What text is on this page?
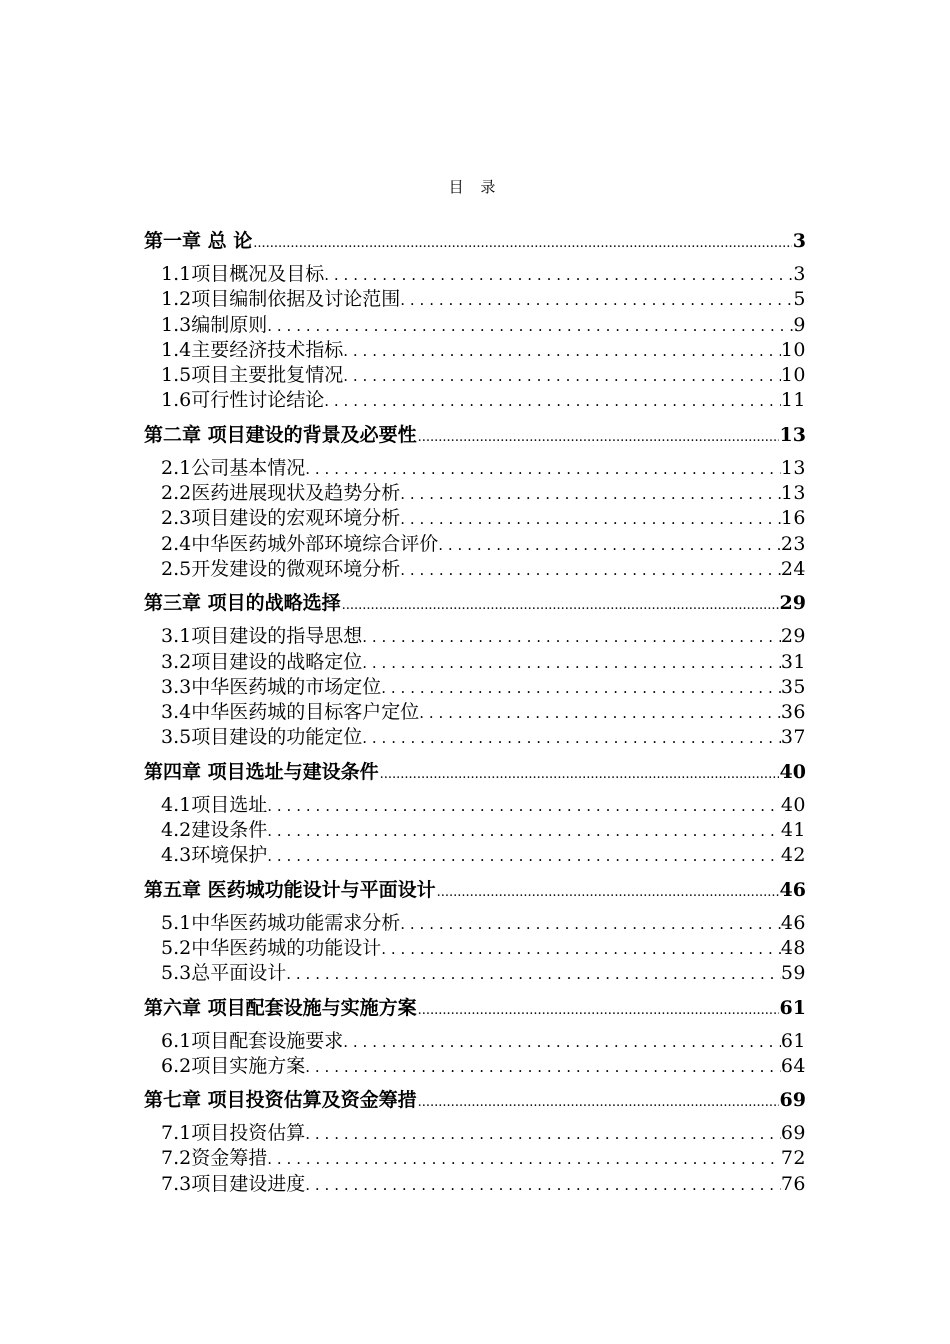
目 录
第一章 总 论 .....	3
1.1项目概况及目标 .....	3
1.2项目编制依据及讨论范围 .....	5
1.3编制原则 .....	9
1.4主要经济技术指标 .....	10
1.5项目主要批复情况 .....	10
1.6可行性讨论结论 .....	11
第二章 项目建设的背景及必要性 .....	13
2.1公司基本情况 .....	13
2.2医药进展现状及趋势分析 .....	13
2.3项目建设的宏观环境分析 .....	16
2.4中华医药城外部环境综合评价 .....	23
2.5开发建设的微观环境分析 .....	24
第三章 项目的战略选择 .....	29
3.1项目建设的指导思想 .....	29
3.2项目建设的战略定位 .....	31
3.3中华医药城的市场定位 .....	35
3.4中华医药城的目标客户定位 .....	36
3.5项目建设的功能定位 .....	37
第四章 项目选址与建设条件 .....	40
4.1项目选址 .....	40
4.2建设条件 .....	41
4.3环境保护 .....	42
第五章 医药城功能设计与平面设计 .....	46
5.1中华医药城功能需求分析 .....	46
5.2中华医药城的功能设计 .....	48
5.3总平面设计 .....	59
第六章 项目配套设施与实施方案 .....	61
6.1项目配套设施要求 .....	61
6.2项目实施方案 .....	64
第七章 项目投资估算及资金筹措 .....	69
7.1项目投资估算 .....	69
7.2资金筹措 .....	72
7.3项目建设进度 .....	76
